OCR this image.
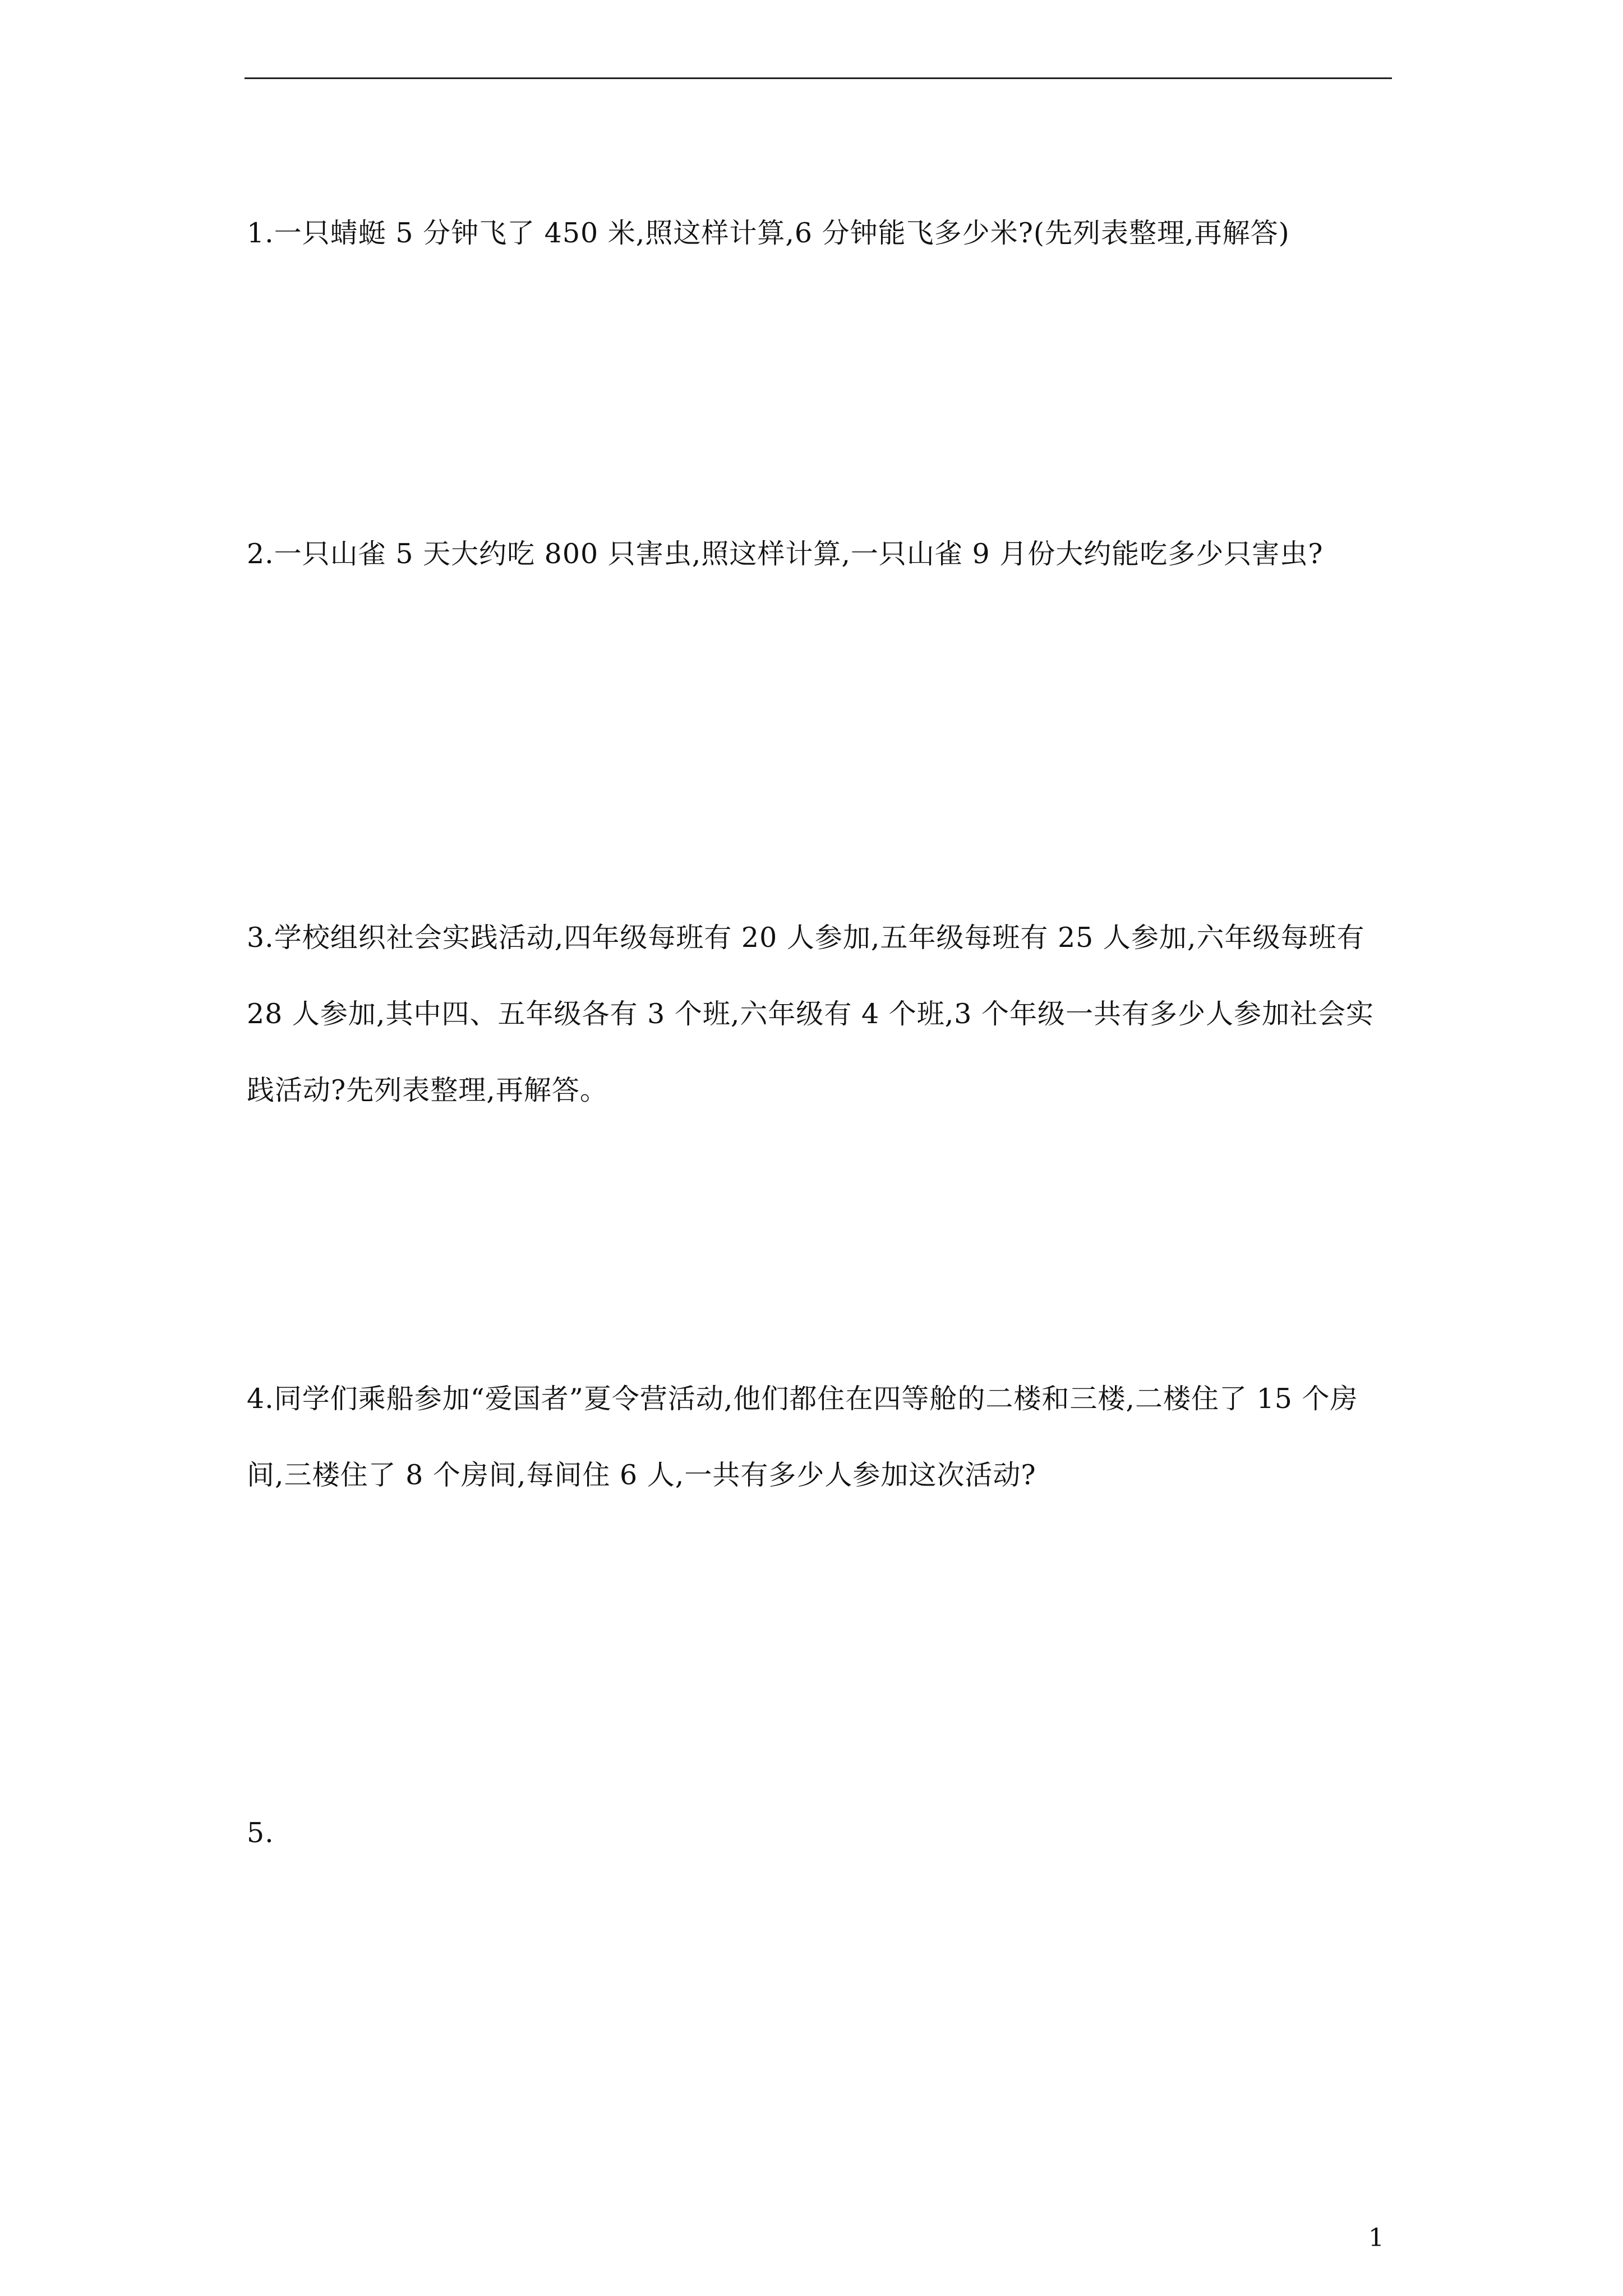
1.一只蜻蜓 5 分钟飞了 450 米,照这样计算,6 分钟能飞多少米?(先列表整理,再解答)
2.一只山雀 5 天大约吃 800 只害虫,照这样计算,一只山雀 9 月份大约能吃多少只害虫?
3.学校组织社会实践活动,四年级每班有 20 人参加,五年级每班有 25 人参加,六年级每班有 28 人参加,其中四、五年级各有 3 个班,六年级有 4 个班,3 个年级一共有多少人参加社会实践活动?先列表整理,再解答。
4.同学们乘船参加“爱国者”夏令营活动,他们都住在四等舱的二楼和三楼,二楼住了 15 个房间,三楼住了 8 个房间,每间住 6 人,一共有多少人参加这次活动?
5.
1
